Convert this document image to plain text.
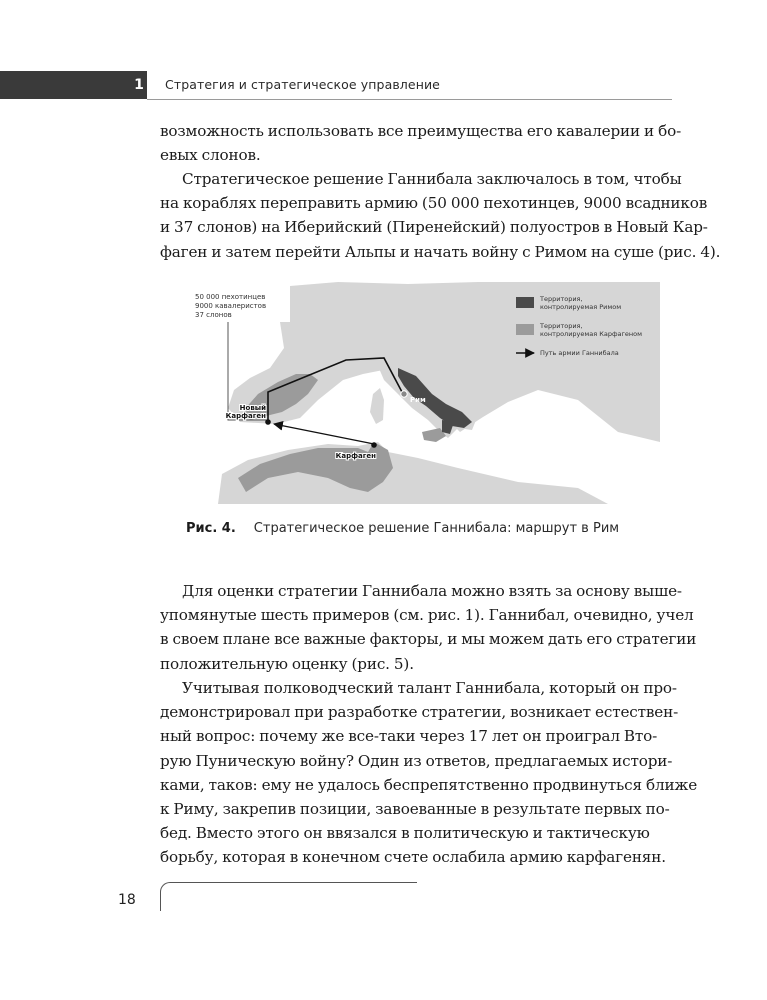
1 Стратегия и стратегическое управление

возможность использовать все преимущества его кавалерии и бо-
евых слонов.

Стратегическое решение Ганнибала заключалось в том, чтобы
на кораблях переправить армию (50 000 пехотинцев, 9000 всадников
и 37 слонов) на Иберийский (Пиренейский) полуостров в Новый Кар-
фаген и затем перейти Альпы и начать войну с Римом на суше (рис. 4).

50 000 пехотинцев
9000 кавалеристов
37 слонов
Новый
Карфаген
Рим
Карфаген
Территория,
контролируемая Римом
Территория,
контролируемая Карфагеном
Путь армии Ганнибала
Рис. 4. Стратегическое решение Ганнибала: маршрут в Рим

Для оценки стратегии Ганнибала можно взять за основу выше-
упомянутые шесть примеров (см. рис. 1). Ганнибал, очевидно, учел
в своем плане все важные факторы, и мы можем дать его стратегии
положительную оценку (рис. 5).

Учитывая полководческий талант Ганнибала, который он про-
демонстрировал при разработке стратегии, возникает естествен-
ный вопрос: почему же все-таки через 17 лет он проиграл Вто-
рую Пуническую войну? Один из ответов, предлагаемых истори-
ками, таков: ему не удалось беспрепятственно продвинуться ближе
к Риму, закрепив позиции, завоеванные в результате первых по-
бед. Вместо этого он ввязался в политическую и тактическую
борьбу, которая в конечном счете ослабила армию карфагенян.

18
